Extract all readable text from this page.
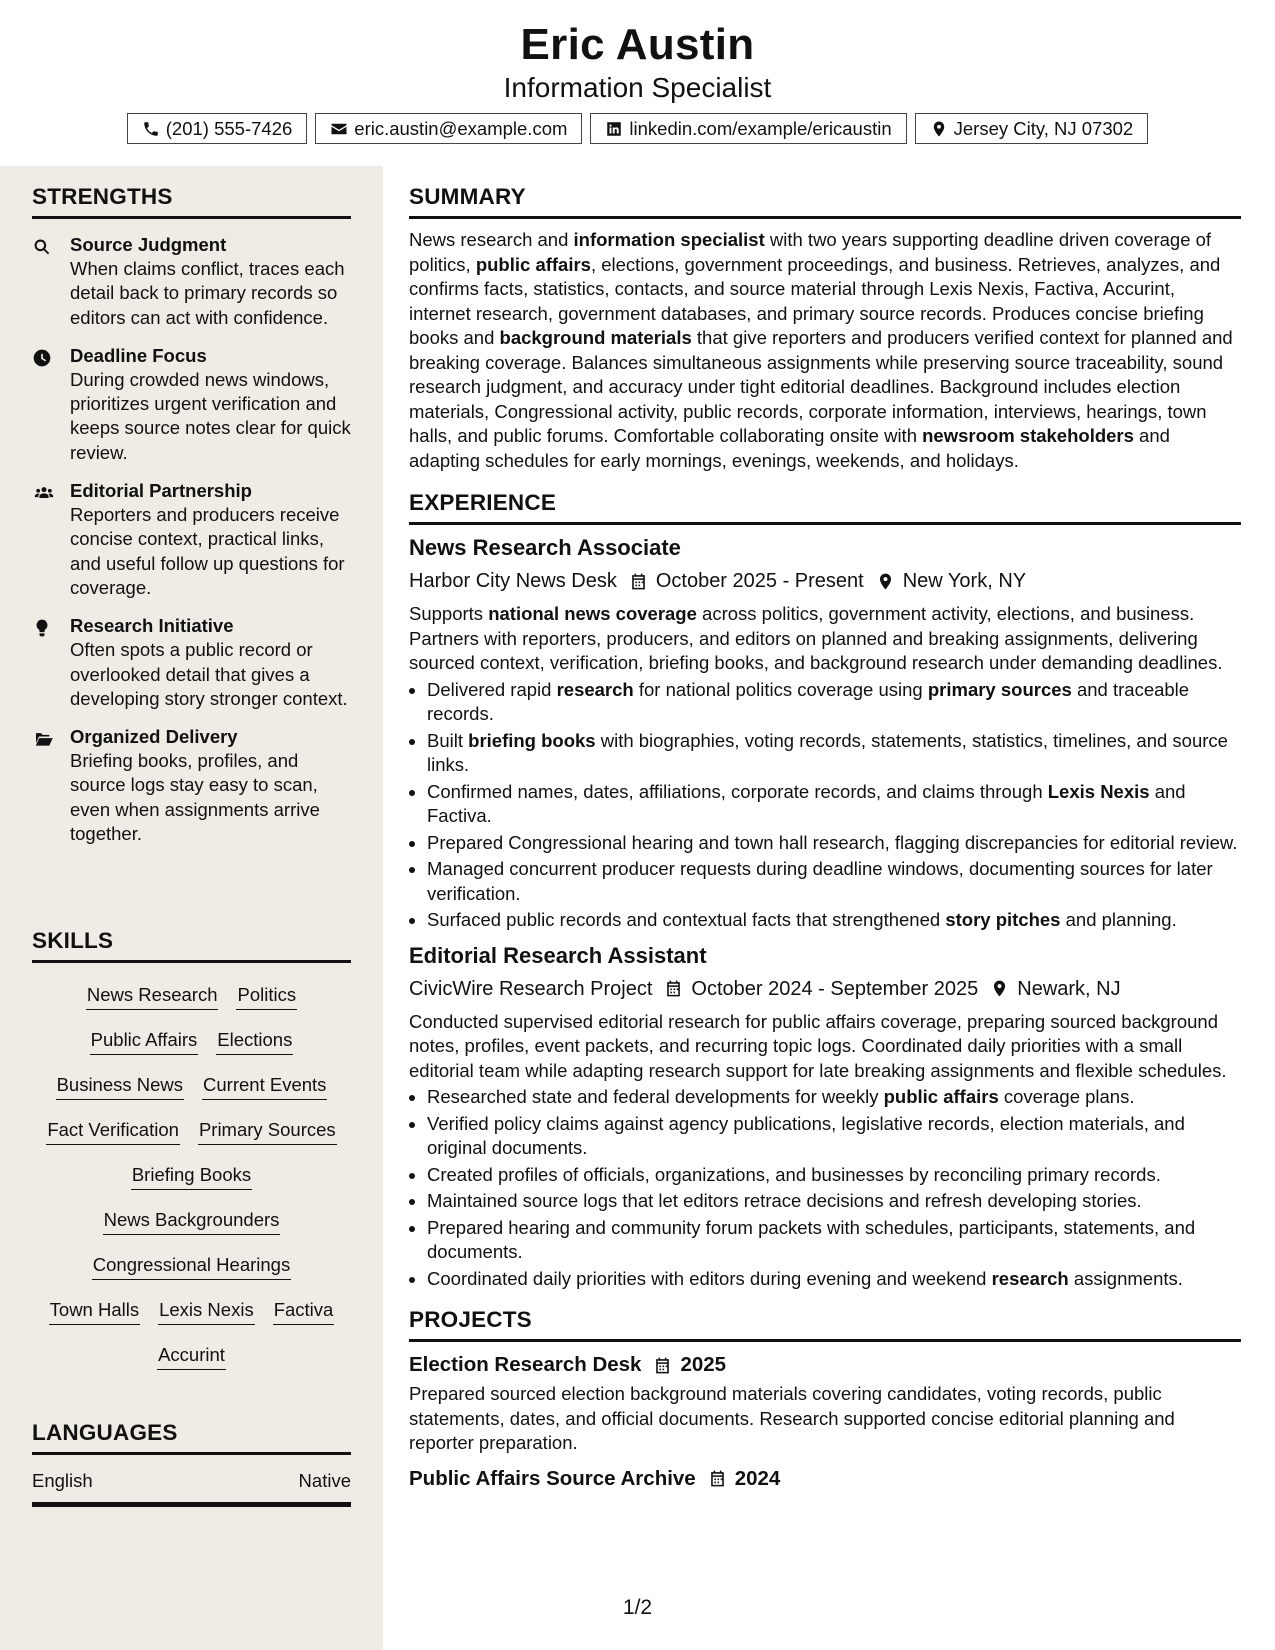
Eric Austin
Information Specialist
(201) 555-7426	eric.austin@example.com	linkedin.com/example/ericaustin	Jersey City, NJ 07302
STRENGTHS
Source Judgment
When claims conflict, traces each detail back to primary records so editors can act with confidence.
Deadline Focus
During crowded news windows, prioritizes urgent verification and keeps source notes clear for quick review.
Editorial Partnership
Reporters and producers receive concise context, practical links, and useful follow up questions for coverage.
Research Initiative
Often spots a public record or overlooked detail that gives a developing story stronger context.
Organized Delivery
Briefing books, profiles, and source logs stay easy to scan, even when assignments arrive together.
SKILLS
News Research Politics
Public Affairs Elections
Business News Current Events
Fact Verification Primary Sources
Briefing Books
News Backgrounders
Congressional Hearings
Town Halls Lexis Nexis Factiva
Accurint
LANGUAGES
English	Native
SUMMARY
News research and information specialist with two years supporting deadline driven coverage of politics, public affairs, elections, government proceedings, and business. Retrieves, analyzes, and confirms facts, statistics, contacts, and source material through Lexis Nexis, Factiva, Accurint, internet research, government databases, and primary source records. Produces concise briefing books and background materials that give reporters and producers verified context for planned and breaking coverage. Balances simultaneous assignments while preserving source traceability, sound research judgment, and accuracy under tight editorial deadlines. Background includes election materials, Congressional activity, public records, corporate information, interviews, hearings, town halls, and public forums. Comfortable collaborating onsite with newsroom stakeholders and adapting schedules for early mornings, evenings, weekends, and holidays.
EXPERIENCE
News Research Associate
Harbor City News Desk October 2025 - Present New York, NY
Supports national news coverage across politics, government activity, elections, and business. Partners with reporters, producers, and editors on planned and breaking assignments, delivering sourced context, verification, briefing books, and background research under demanding deadlines.
• Delivered rapid research for national politics coverage using primary sources and traceable records.
• Built briefing books with biographies, voting records, statements, statistics, timelines, and source links.
• Confirmed names, dates, affiliations, corporate records, and claims through Lexis Nexis and Factiva.
• Prepared Congressional hearing and town hall research, flagging discrepancies for editorial review.
• Managed concurrent producer requests during deadline windows, documenting sources for later verification.
• Surfaced public records and contextual facts that strengthened story pitches and planning.
Editorial Research Assistant
CivicWire Research Project October 2024 - September 2025 Newark, NJ
Conducted supervised editorial research for public affairs coverage, preparing sourced background notes, profiles, event packets, and recurring topic logs. Coordinated daily priorities with a small editorial team while adapting research support for late breaking assignments and flexible schedules.
• Researched state and federal developments for weekly public affairs coverage plans.
• Verified policy claims against agency publications, legislative records, election materials, and original documents.
• Created profiles of officials, organizations, and businesses by reconciling primary records.
• Maintained source logs that let editors retrace decisions and refresh developing stories.
• Prepared hearing and community forum packets with schedules, participants, statements, and documents.
• Coordinated daily priorities with editors during evening and weekend research assignments.
PROJECTS
Election Research Desk 2025
Prepared sourced election background materials covering candidates, voting records, public statements, dates, and official documents. Research supported concise editorial planning and reporter preparation.
Public Affairs Source Archive 2024
1/2
